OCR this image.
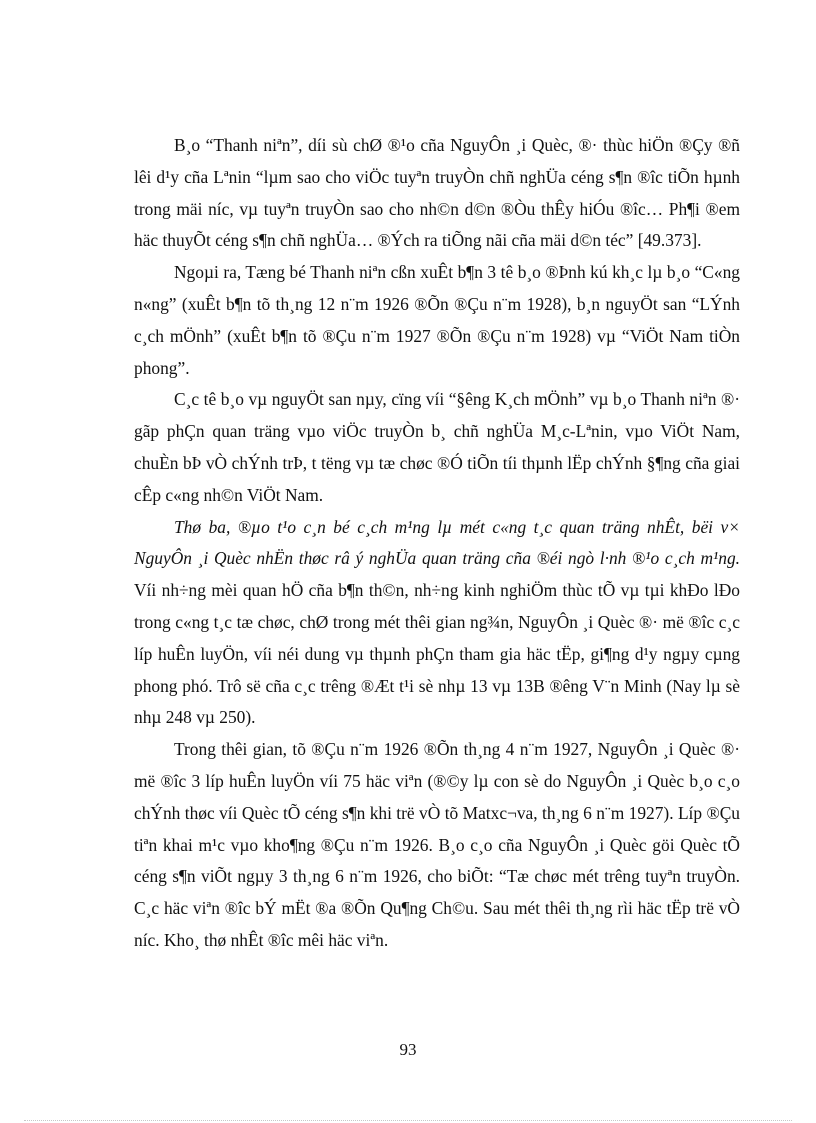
B¸o “Thanh niªn”, díi sù chØ ®¹o cña NguyÔn ¸i Quèc, ®· thùc hiÖn ®Çy ®ñ lêi d¹y cña Lªnin “lµm sao cho viÖc tuyªn truyÒn chñ nghÜa céng s¶n ®îc tiÕn hµnh trong mäi níc, vµ tuyªn truyÒn sao cho nh©n d©n ®Òu thÊy hiÓu ®îc… Ph¶i ®em häc thuyÕt céng s¶n chñ nghÜa… ®Ých ra tiÕng nãi cña mäi d©n téc” [49.373].

Ngoµi ra, Tæng bé Thanh niªn cßn xuÊt b¶n 3 tê b¸o ®Þnh kú kh¸c lµ b¸o “C«ng n«ng” (xuÊt b¶n tõ th¸ng 12 n¨m 1926 ®Õn ®Çu n¨m 1928), b¸n nguyÖt san “LÝnh c¸ch mÖnh” (xuÊt b¶n tõ ®Çu n¨m 1927 ®Õn ®Çu n¨m 1928) vµ “ViÖt Nam tiÒn phong”.

C¸c tê b¸o vµ nguyÖt san nµy, cïng víi “§êng K¸ch mÖnh” vµ b¸o Thanh niªn ®· gãp phÇn quan träng vµo viÖc truyÒn b¸ chñ nghÜa M¸c-Lªnin, vµo ViÖt Nam, chuÈn bÞ vÒ chÝnh trÞ, t tëng vµ tæ chøc ®Ó tiÕn tíi thµnh lËp chÝnh §¶ng cña giai cÊp c«ng nh©n ViÖt Nam.

Thø ba, ®µo t¹o c¸n bé c¸ch m¹ng lµ mét c«ng t¸c quan träng nhÊt, bëi v× NguyÔn ¸i Quèc nhËn thøc râ ý nghÜa quan träng cña ®éi ngò l·nh ®¹o c¸ch m¹ng. Víi nh÷ng mèi quan hÖ cña b¶n th©n, nh÷ng kinh nghiÖm thùc tÕ vµ tµi khÐo lÐo trong c«ng t¸c tæ chøc, chØ trong mét thêi gian ng¾n, NguyÔn ¸i Quèc ®· më ®îc c¸c líp huÊn luyÖn, víi néi dung vµ thµnh phÇn tham gia häc tËp, gi¶ng d¹y ngµy cµng phong phó. Trô së cña c¸c trêng ®Æt t¹i sè nhµ 13 vµ 13B ®êng V¨n Minh (Nay lµ sè nhµ 248 vµ 250).

Trong thêi gian, tõ ®Çu n¨m 1926 ®Õn th¸ng 4 n¨m 1927, NguyÔn ¸i Quèc ®· më ®îc 3 líp huÊn luyÖn víi 75 häc viªn (®©y lµ con sè do NguyÔn ¸i Quèc b¸o c¸o chÝnh thøc víi Quèc tÕ céng s¶n khi trë vÒ tõ Matxc¬va, th¸ng 6 n¨m 1927). Líp ®Çu tiªn khai m¹c vµo kho¶ng ®Çu n¨m 1926. B¸o c¸o cña NguyÔn ¸i Quèc göi Quèc tÕ céng s¶n viÕt ngµy 3 th¸ng 6 n¨m 1926, cho biÕt: “Tæ chøc mét trêng tuyªn truyÒn. C¸c häc viªn ®îc bÝ mËt ®a ®Õn Qu¶ng Ch©u. Sau mét thêi th¸ng rìi häc tËp trë vÒ níc. Kho¸ thø nhÊt ®îc mêi häc viªn.

93
